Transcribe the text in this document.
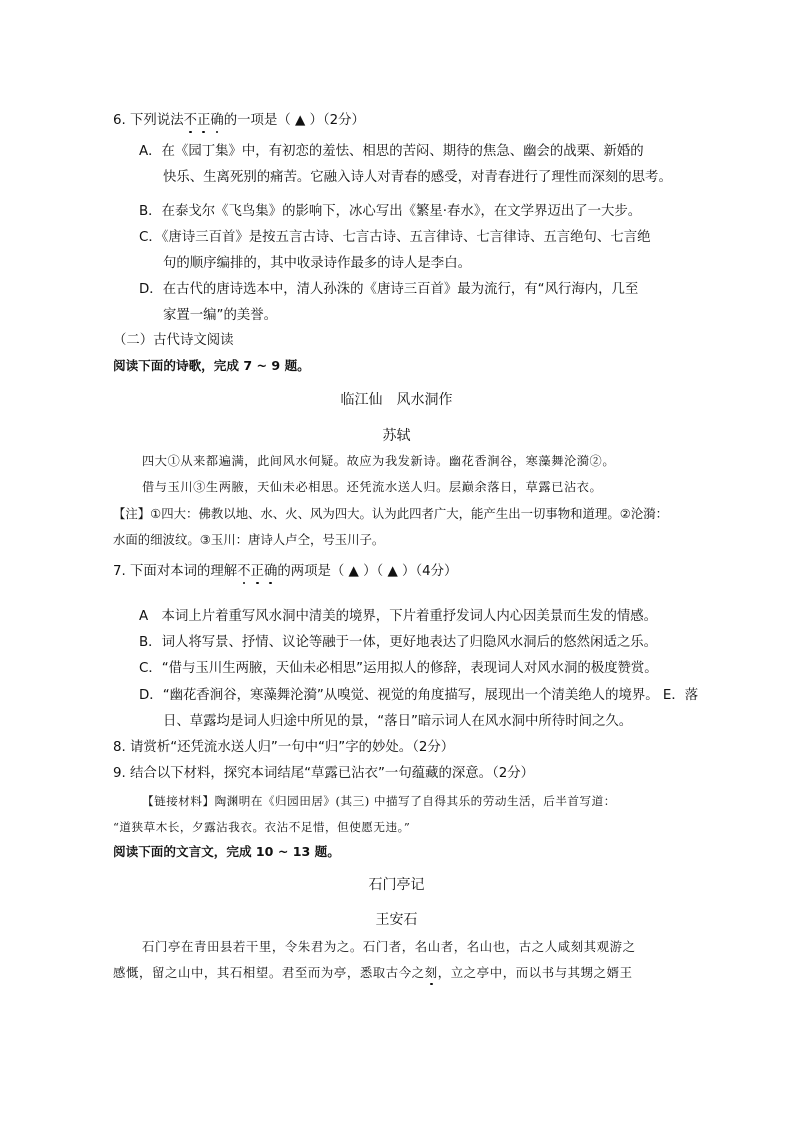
6. 下列说法不正确的一项是（ ▲ ）（2分）
A．在《园丁集》中，有初恋的羞怯、相思的苦闷、期待的焦急、幽会的战栗、新婚的
快乐、生离死别的痛苦。它融入诗人对青春的感受，对青春进行了理性而深刻的思考。
B．在泰戈尔《飞鸟集》的影响下，冰心写出《繁星·春水》，在文学界迈出了一大步。
C．《唐诗三百首》是按五言古诗、七言古诗、五言律诗、七言律诗、五言绝句、七言绝
句的顺序编排的，其中收录诗作最多的诗人是李白。
D．在古代的唐诗选本中，清人孙洙的《唐诗三百首》最为流行，有“风行海内，几至
家置一编”的美誉。
（二）古代诗文阅读
阅读下面的诗歌，完成 7 ~ 9 题。
临江仙　风水洞作
苏轼
四大①从来都遍满，此间风水何疑。故应为我发新诗。幽花香涧谷，寒藻舞沦漪②。
借与玉川③生两腋，天仙未必相思。还凭流水送人归。层巅余落日，草露已沾衣。
【注】①四大：佛教以地、水、火、风为四大。认为此四者广大，能产生出一切事物和道理。②沦漪：
水面的细波纹。③玉川：唐诗人卢仝，号玉川子。
7. 下面对本词的理解不正确的两项是（ ▲ ）（ ▲ ）（4分）
A　本词上片着重写风水洞中清美的境界，下片着重抒发词人内心因美景而生发的情感。
B．词人将写景、抒情、议论等融于一体，更好地表达了归隐风水洞后的悠然闲适之乐。
C．“借与玉川生两腋，天仙未必相思”运用拟人的修辞，表现词人对风水洞的极度赞赏。
D．“幽花香涧谷，寒藻舞沦漪”从嗅觉、视觉的角度描写，展现出一个清美绝人的境界。 E．落
日、草露均是词人归途中所见的景，“落日”暗示词人在风水洞中所待时间之久。
8. 请赏析“还凭流水送人归”一句中“归”字的妙处。（2分）
9. 结合以下材料，探究本词结尾“草露已沾衣”一句蕴藏的深意。（2分）
【链接材料】陶渊明在《归园田居》(其三) 中描写了自得其乐的劳动生活，后半首写道：
“道狭草木长，夕露沾我衣。衣沾不足惜，但使愿无违。”
阅读下面的文言文，完成 10 ~ 13 题。
石门亭记
王安石
石门亭在青田县若干里，令朱君为之。石门者，名山者，名山也，古之人咸刻其观游之
感慨，留之山中，其石相望。君至而为亭，悉取古今之刻，立之亭中，而以书与其甥之婿王
